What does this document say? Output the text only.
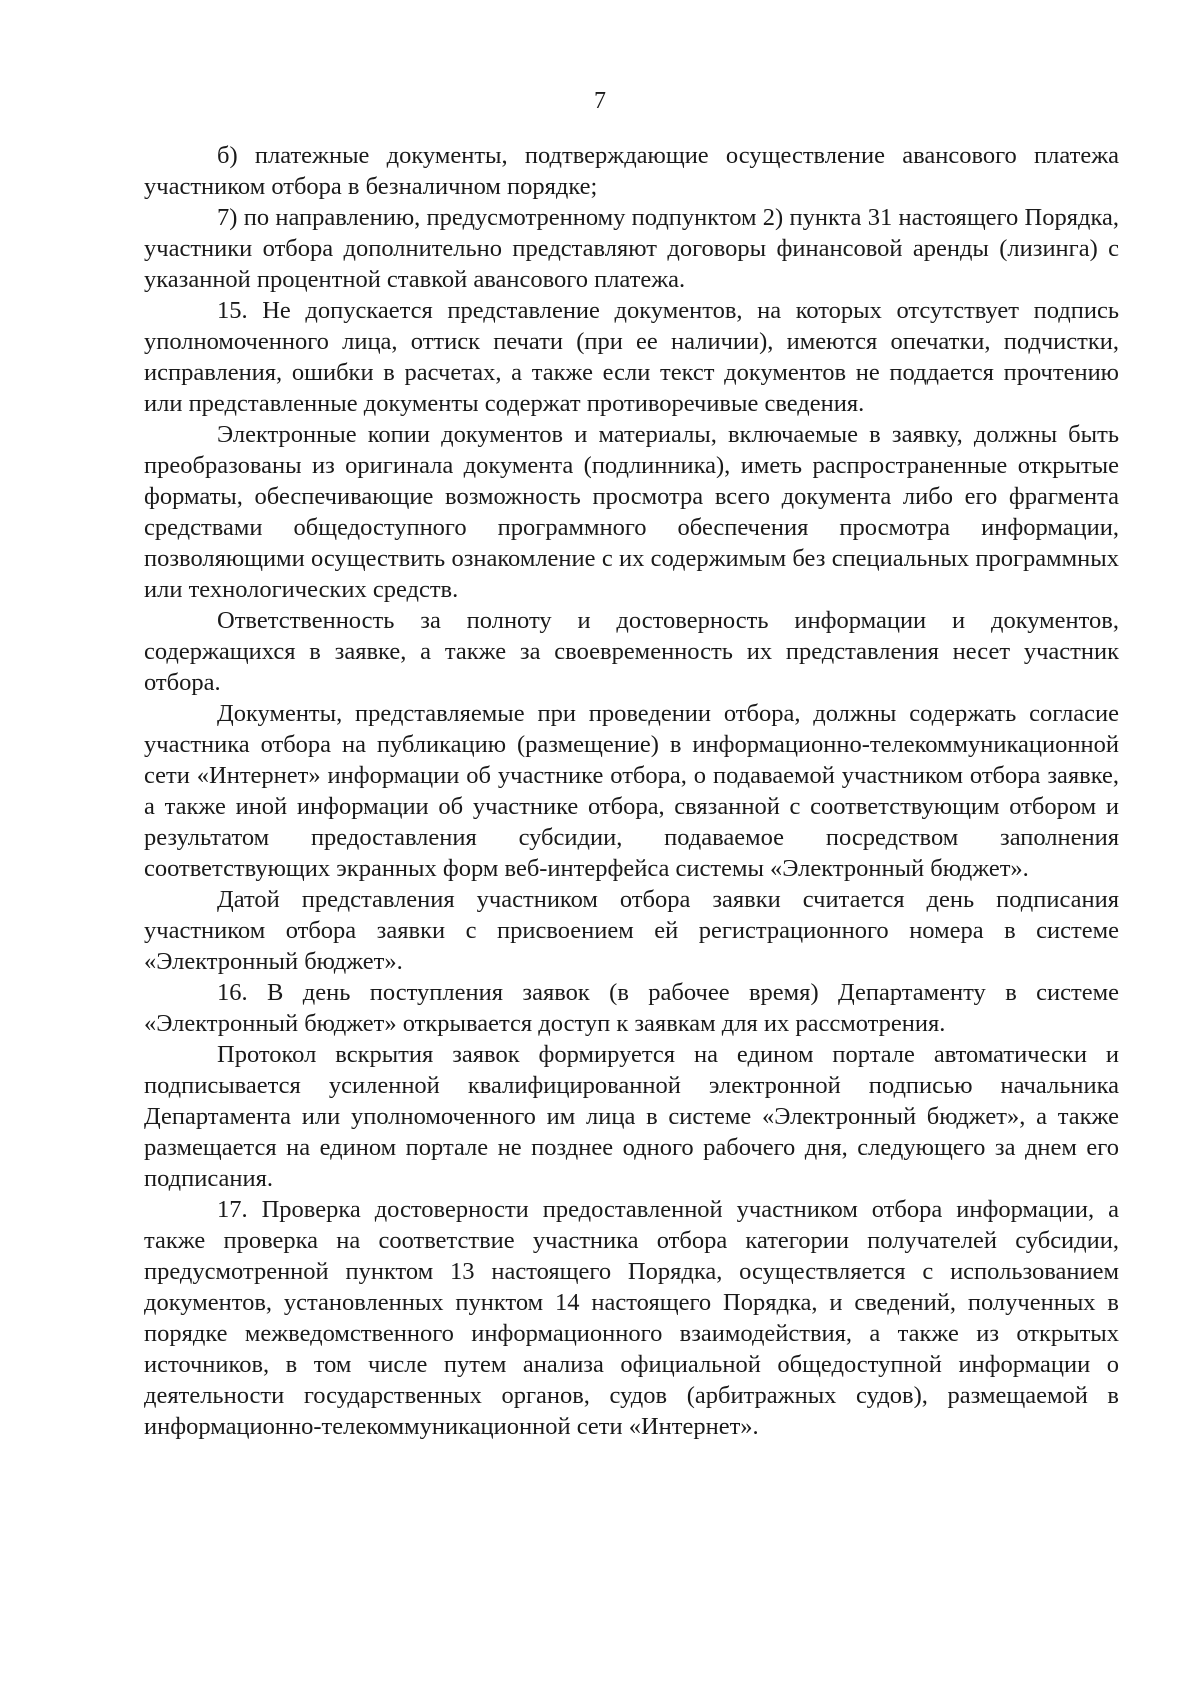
7

б) платежные документы, подтверждающие осуществление авансового платежа участником отбора в безналичном порядке;

7) по направлению, предусмотренному подпунктом 2) пункта 31 настоящего Порядка, участники отбора дополнительно представляют договоры финансовой аренды (лизинга) с указанной процентной ставкой авансового платежа.

15. Не допускается представление документов, на которых отсутствует подпись уполномоченного лица, оттиск печати (при ее наличии), имеются опечатки, подчистки, исправления, ошибки в расчетах, а также если текст документов не поддается прочтению или представленные документы содержат противоречивые сведения.

Электронные копии документов и материалы, включаемые в заявку, должны быть преобразованы из оригинала документа (подлинника), иметь распространенные открытые форматы, обеспечивающие возможность просмотра всего документа либо его фрагмента средствами общедоступного программного обеспечения просмотра информации, позволяющими осуществить ознакомление с их содержимым без специальных программных или технологических средств.

Ответственность за полноту и достоверность информации и документов, содержащихся в заявке, а также за своевременность их представления несет участник отбора.

Документы, представляемые при проведении отбора, должны содержать согласие участника отбора на публикацию (размещение) в информационно-телекоммуникационной сети «Интернет» информации об участнике отбора, о подаваемой участником отбора заявке, а также иной информации об участнике отбора, связанной с соответствующим отбором и результатом предоставления субсидии, подаваемое посредством заполнения соответствующих экранных форм веб-интерфейса системы «Электронный бюджет».

Датой представления участником отбора заявки считается день подписания участником отбора заявки с присвоением ей регистрационного номера в системе «Электронный бюджет».

16. В день поступления заявок (в рабочее время) Департаменту в системе «Электронный бюджет» открывается доступ к заявкам для их рассмотрения.

Протокол вскрытия заявок формируется на едином портале автоматически и подписывается усиленной квалифицированной электронной подписью начальника Департамента или уполномоченного им лица в системе «Электронный бюджет», а также размещается на едином портале не позднее одного рабочего дня, следующего за днем его подписания.

17. Проверка достоверности предоставленной участником отбора информации, а также проверка на соответствие участника отбора категории получателей субсидии, предусмотренной пунктом 13 настоящего Порядка, осуществляется с использованием документов, установленных пунктом 14 настоящего Порядка, и сведений, полученных в порядке межведомственного информационного взаимодействия, а также из открытых источников, в том числе путем анализа официальной общедоступной информации о деятельности государственных органов, судов (арбитражных судов), размещаемой в информационно-телекоммуникационной сети «Интернет».
